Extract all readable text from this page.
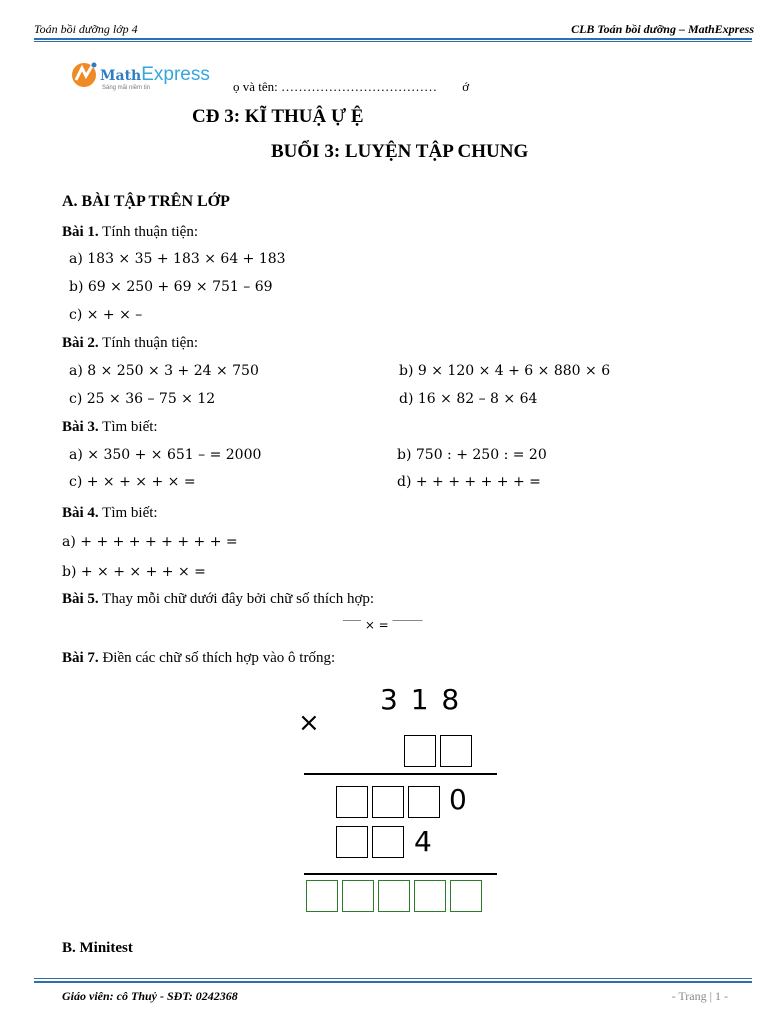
Toán bồi dưỡng lớp 4	CLB Toán bồi dưỡng – MathExpress
MathExpress
Sáng mãi niềm tin	ọ và tên: ……………………………… ớ
CĐ 3: KĨ THUẬ Ự Ệ
BUỔI 3: LUYỆN TẬP CHUNG
A. BÀI TẬP TRÊN LỚP
Bài 1. Tính thuận tiện:
a) 183 × 35 + 183 × 64 + 183
b) 69 × 250 + 69 × 751 – 69
c) × + × –
Bài 2. Tính thuận tiện:
a) 8 × 250 × 3 + 24 × 750	b) 9 × 120 × 4 + 6 × 880 × 6
c) 25 × 36 – 75 × 12	d) 16 × 82 – 8 × 64
Bài 3. Tìm biết:
a) × 350 + × 651 – = 2000	b) 750 : + 250 : = 20
c) + × + × + × =	d) + + + + + + + =
Bài 4. Tìm biết:
a) + + + + + + + + + =
b) + × + × + + × =
Bài 5. Thay mỗi chữ dưới đây bởi chữ số thích hợp:
‾‾‾ × = ‾‾‾‾‾
Bài 7. Điền các chữ số thích hợp vào ô trống:
3 1 8
×
0
4
B. Minitest
Giáo viên: cô Thuỷ - SĐT: 0242368	- Trang | 1 -
